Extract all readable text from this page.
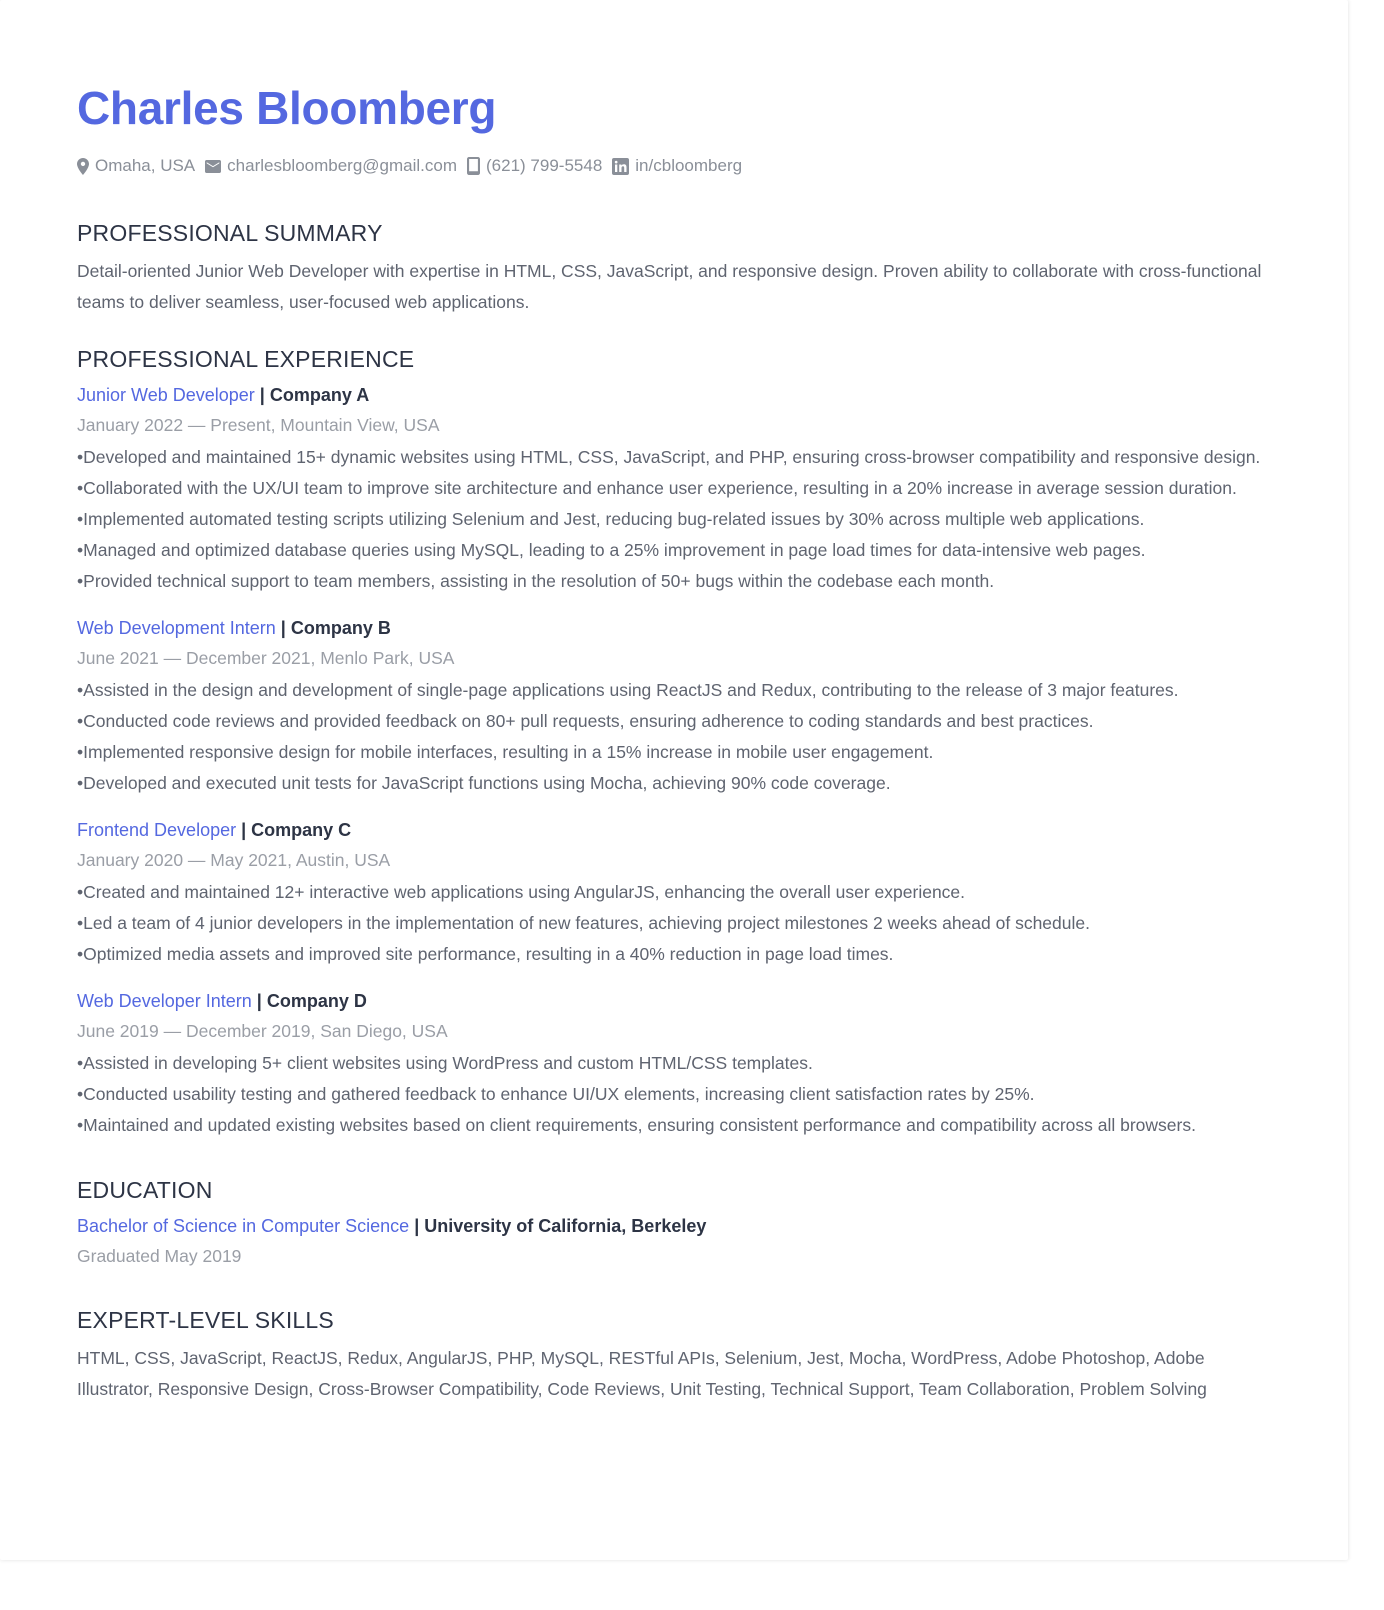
Charles Bloomberg
Omaha, USA charlesbloomberg@gmail.com (621) 799-5548 in/cbloomberg
PROFESSIONAL SUMMARY

Detail-oriented Junior Web Developer with expertise in HTML, CSS, JavaScript, and responsive design. Proven ability to collaborate with cross-functional teams to deliver seamless, user-focused web applications.

PROFESSIONAL EXPERIENCE
Junior Web Developer | Company A
January 2022 — Present, Mountain View, USA
• Developed and maintained 15+ dynamic websites using HTML, CSS, JavaScript, and PHP, ensuring cross-browser compatibility and responsive design.
• Collaborated with the UX/UI team to improve site architecture and enhance user experience, resulting in a 20% increase in average session duration.
• Implemented automated testing scripts utilizing Selenium and Jest, reducing bug-related issues by 30% across multiple web applications.
• Managed and optimized database queries using MySQL, leading to a 25% improvement in page load times for data-intensive web pages.
• Provided technical support to team members, assisting in the resolution of 50+ bugs within the codebase each month.
Web Development Intern | Company B
June 2021 — December 2021, Menlo Park, USA
• Assisted in the design and development of single-page applications using ReactJS and Redux, contributing to the release of 3 major features.
• Conducted code reviews and provided feedback on 80+ pull requests, ensuring adherence to coding standards and best practices.
• Implemented responsive design for mobile interfaces, resulting in a 15% increase in mobile user engagement.
• Developed and executed unit tests for JavaScript functions using Mocha, achieving 90% code coverage.
Frontend Developer | Company C
January 2020 — May 2021, Austin, USA
• Created and maintained 12+ interactive web applications using AngularJS, enhancing the overall user experience.
• Led a team of 4 junior developers in the implementation of new features, achieving project milestones 2 weeks ahead of schedule.
• Optimized media assets and improved site performance, resulting in a 40% reduction in page load times.
Web Developer Intern | Company D
June 2019 — December 2019, San Diego, USA
• Assisted in developing 5+ client websites using WordPress and custom HTML/CSS templates.
• Conducted usability testing and gathered feedback to enhance UI/UX elements, increasing client satisfaction rates by 25%.
• Maintained and updated existing websites based on client requirements, ensuring consistent performance and compatibility across all browsers.
EDUCATION
Bachelor of Science in Computer Science | University of California, Berkeley
Graduated May 2019
EXPERT-LEVEL SKILLS

HTML, CSS, JavaScript, ReactJS, Redux, AngularJS, PHP, MySQL, RESTful APIs, Selenium, Jest, Mocha, WordPress, Adobe Photoshop, Adobe Illustrator, Responsive Design, Cross-Browser Compatibility, Code Reviews, Unit Testing, Technical Support, Team Collaboration, Problem Solving
